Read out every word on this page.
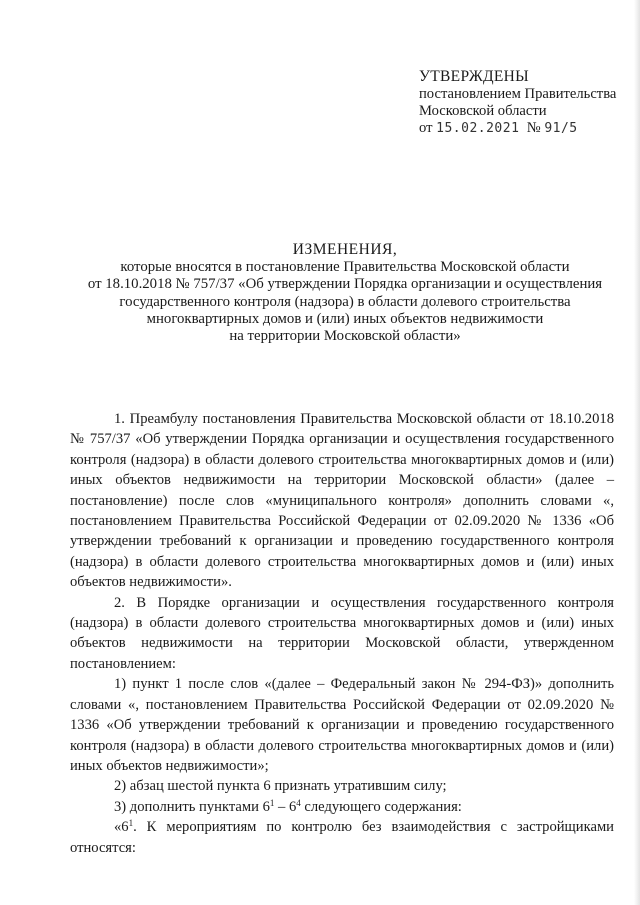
УТВЕРЖДЕНЫ
постановлением Правительства
Московской области
от 15.02.2021 № 91/5
ИЗМЕНЕНИЯ,
которые вносятся в постановление Правительства Московской области
от 18.10.2018 № 757/37 «Об утверждении Порядка организации и осуществления
государственного контроля (надзора) в области долевого строительства
многоквартирных домов и (или) иных объектов недвижимости
на территории Московской области»

1. Преамбулу постановления Правительства Московской области от 18.10.2018 № 757/37 «Об утверждении Порядка организации и осуществления государственного контроля (надзора) в области долевого строительства многоквартирных домов и (или) иных объектов недвижимости на территории Московской области» (далее – постановление) после слов «муниципального контроля» дополнить словами «, постановлением Правительства Российской Федерации от 02.09.2020 № 1336 «Об утверждении требований к организации и проведению государственного контроля (надзора) в области долевого строительства многоквартирных домов и (или) иных объектов недвижимости».

2. В Порядке организации и осуществления государственного контроля (надзора) в области долевого строительства многоквартирных домов и (или) иных объектов недвижимости на территории Московской области, утвержденном постановлением:

1) пункт 1 после слов «(далее – Федеральный закон № 294-ФЗ)» дополнить словами «, постановлением Правительства Российской Федерации от 02.09.2020 № 1336 «Об утверждении требований к организации и проведению государственного контроля (надзора) в области долевого строительства многоквартирных домов и (или) иных объектов недвижимости»;

2) абзац шестой пункта 6 признать утратившим силу;

3) дополнить пунктами $6^1 - 6^4$ следующего содержания:

«$6^1$. К мероприятиям по контролю без взаимодействия с застройщиками относятся:
